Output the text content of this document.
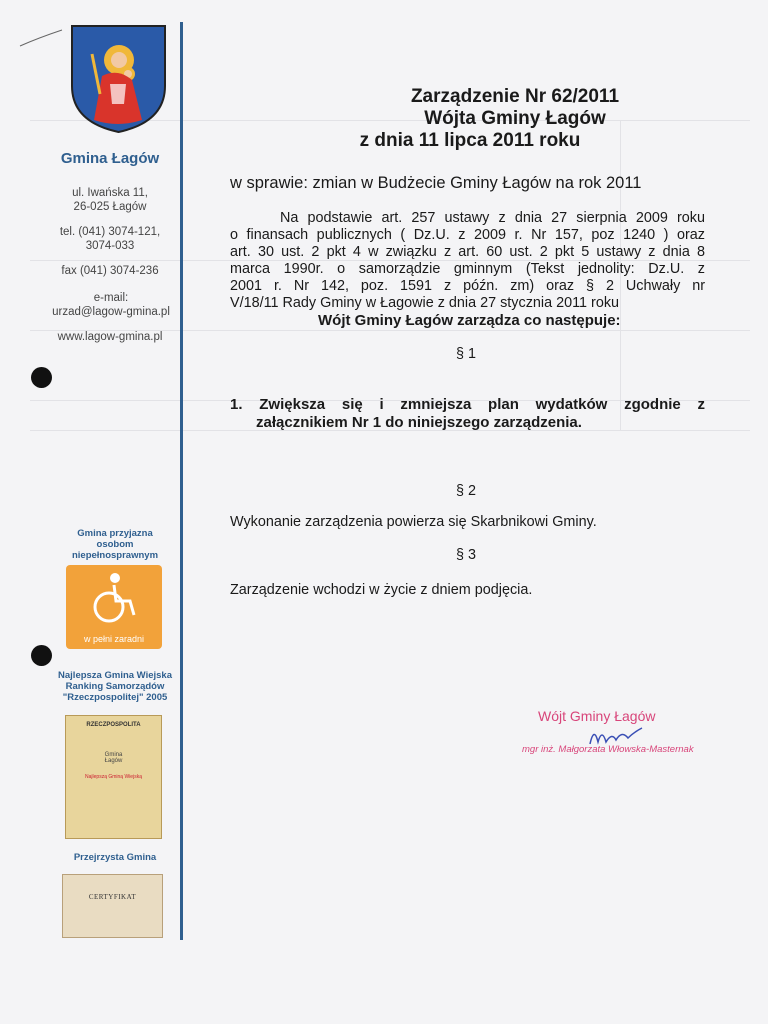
Gmina Łagów
ul. Iwańska 11,
26-025 Łagów
tel. (041) 3074-121,
3074-033
fax (041) 3074-236
e-mail:
urzad@lagow-gmina.pl
www.lagow-gmina.pl
Gmina przyjazna
osobom
niepełnosprawnym
w pełni zaradni
Najlepsza Gmina Wiejska
Ranking Samorządów
"Rzeczpospolitej" 2005
RZECZPOSPOLITA
Gmina
Łagów
Najlepszą Gminą Wiejską
Przejrzysta Gmina
CERTYFIKAT
Zarządzenie Nr 62/2011
Wójta Gminy Łagów
z dnia 11 lipca 2011 roku
w sprawie: zmian w Budżecie Gminy Łagów na rok 2011
Na podstawie art. 257 ustawy z dnia 27 sierpnia 2009 roku
o finansach publicznych ( Dz.U. z 2009 r. Nr 157, poz 1240 ) oraz
art. 30 ust. 2 pkt 4 w związku z art. 60 ust. 2 pkt 5 ustawy z dnia 8
marca 1990r. o samorządzie gminnym (Tekst jednolity: Dz.U. z
2001 r. Nr 142, poz. 1591 z późn. zm) oraz § 2 Uchwały nr
V/18/11 Rady Gminy w Łagowie z dnia 27 stycznia 2011 roku
Wójt Gminy Łagów zarządza co następuje:
§ 1
1. Zwiększa się i zmniejsza plan wydatków zgodnie z
załącznikiem Nr 1 do niniejszego zarządzenia.
§ 2
Wykonanie zarządzenia powierza się Skarbnikowi Gminy.
§ 3
Zarządzenie wchodzi w życie z dniem podjęcia.
Wójt Gminy Łagów
mgr inż. Małgorzata Włowska-Masternak
